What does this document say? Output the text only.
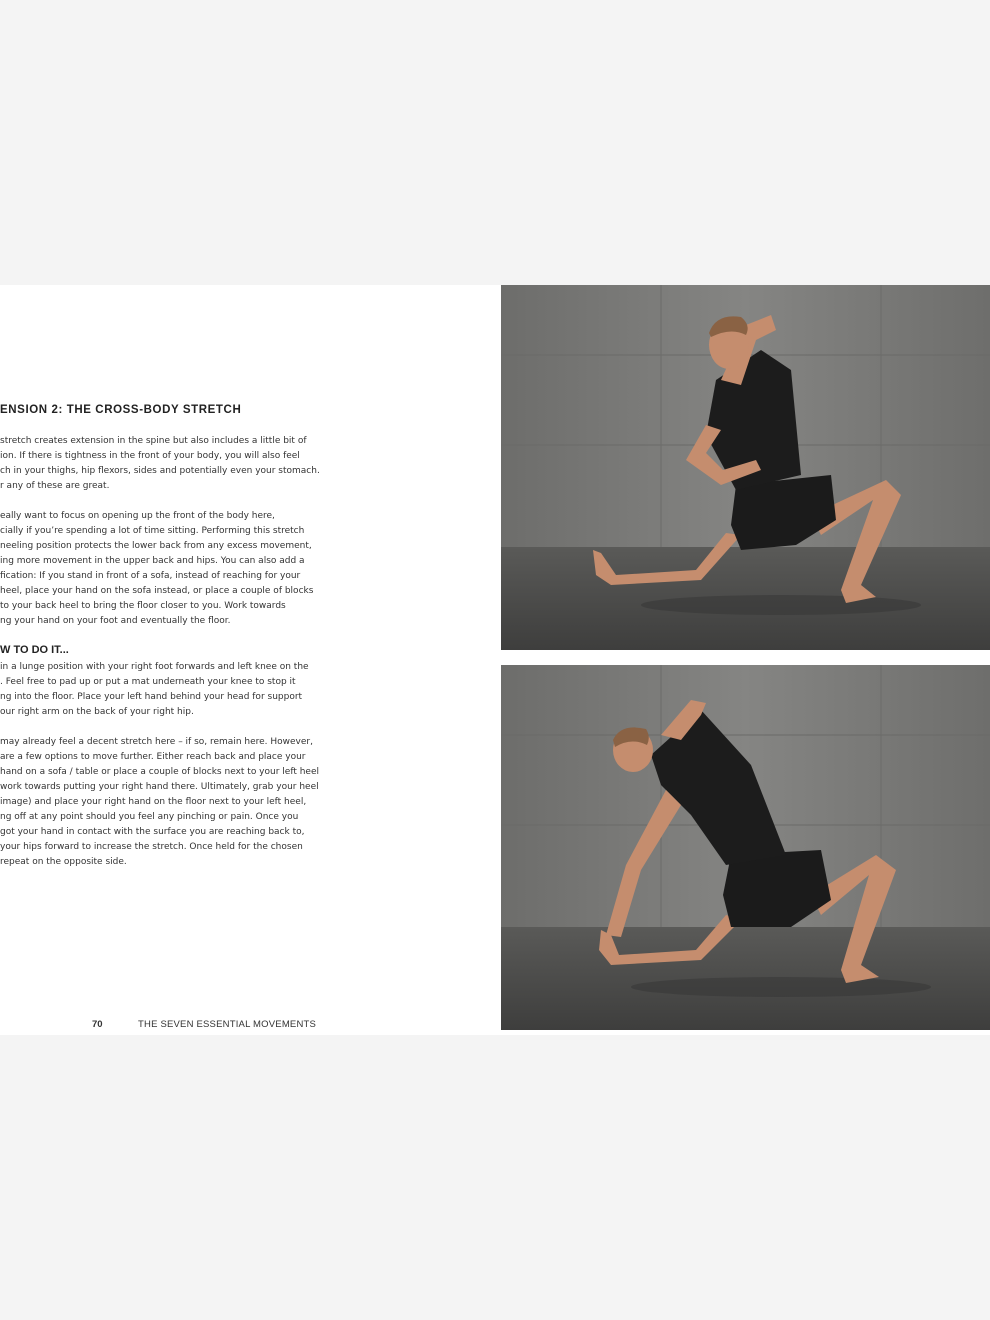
ENSION 2: THE CROSS-BODY STRETCH
stretch creates extension in the spine but also includes a little bit of
ion. If there is tightness in the front of your body, you will also feel
ch in your thighs, hip flexors, sides and potentially even your stomach.
r any of these are great.
eally want to focus on opening up the front of the body here,
cially if you’re spending a lot of time sitting. Performing this stretch
neeling position protects the lower back from any excess movement,
ing more movement in the upper back and hips. You can also add a
fication: If you stand in front of a sofa, instead of reaching for your
heel, place your hand on the sofa instead, or place a couple of blocks
to your back heel to bring the floor closer to you. Work towards
ng your hand on your foot and eventually the floor.
W TO DO IT...
in a lunge position with your right foot forwards and left knee on the
. Feel free to pad up or put a mat underneath your knee to stop it
ng into the floor. Place your left hand behind your head for support
our right arm on the back of your right hip.
may already feel a decent stretch here – if so, remain here. However,
are a few options to move further. Either reach back and place your
hand on a sofa / table or place a couple of blocks next to your left heel
work towards putting your right hand there. Ultimately, grab your heel
image) and place your right hand on the floor next to your left heel,
ng off at any point should you feel any pinching or pain. Once you
got your hand in contact with the surface you are reaching back to,
your hips forward to increase the stretch. Once held for the chosen
repeat on the opposite side.
70	THE SEVEN ESSENTIAL MOVEMENTS
